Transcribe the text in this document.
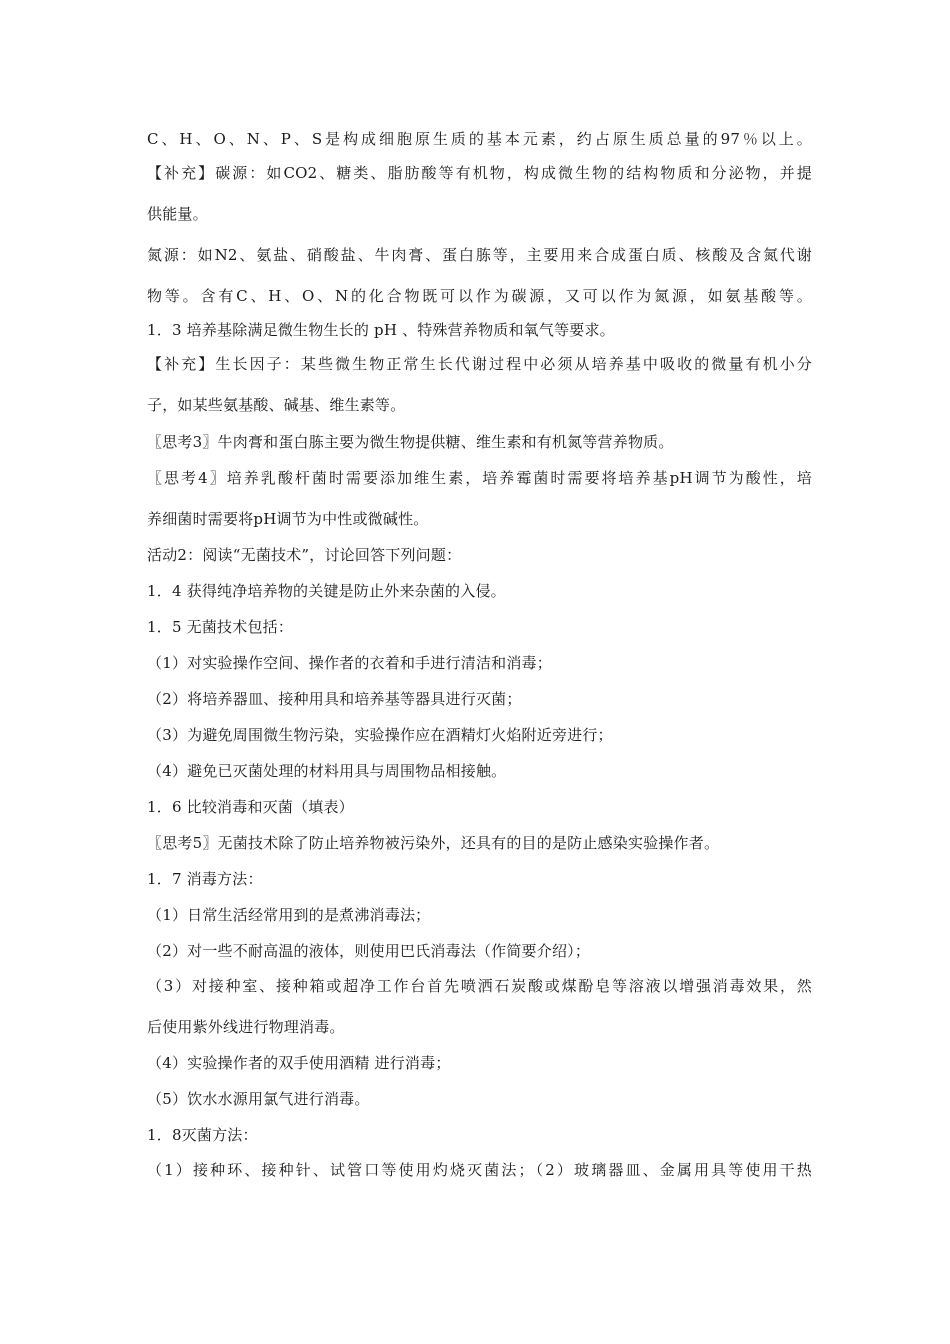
C、H、O、N、P、S是构成细胞原生质的基本元素，约占原生质总量的97％以上。
【补充】碳源：如CO2、糖类、脂肪酸等有机物，构成微生物的结构物质和分泌物，并提
供能量。
氮源：如N2、氨盐、硝酸盐、牛肉膏、蛋白胨等，主要用来合成蛋白质、核酸及含氮代谢
物等。含有C、H、O、N的化合物既可以作为碳源，又可以作为氮源，如氨基酸等。
1．3 培养基除满足微生物生长的 pH 、特殊营养物质和氧气等要求。
【补充】生长因子：某些微生物正常生长代谢过程中必须从培养基中吸收的微量有机小分
子，如某些氨基酸、碱基、维生素等。
〖思考3〗牛肉膏和蛋白胨主要为微生物提供糖、维生素和有机氮等营养物质。
〖思考4〗培养乳酸杆菌时需要添加维生素，培养霉菌时需要将培养基pH调节为酸性，培
养细菌时需要将pH调节为中性或微碱性。
活动2：阅读“无菌技术”，讨论回答下列问题：
1．4 获得纯净培养物的关键是防止外来杂菌的入侵。
1．5 无菌技术包括：
（1）对实验操作空间、操作者的衣着和手进行清洁和消毒；
（2）将培养器皿、接种用具和培养基等器具进行灭菌；
（3）为避免周围微生物污染，实验操作应在酒精灯火焰附近旁进行；
（4）避免已灭菌处理的材料用具与周围物品相接触。
1．6 比较消毒和灭菌（填表）
〖思考5〗无菌技术除了防止培养物被污染外，还具有的目的是防止感染实验操作者。
1．7 消毒方法：
（1）日常生活经常用到的是煮沸消毒法；
（2）对一些不耐高温的液体，则使用巴氏消毒法（作简要介绍）；
（3）对接种室、接种箱或超净工作台首先喷洒石炭酸或煤酚皂等溶液以增强消毒效果，然
后使用紫外线进行物理消毒。
（4）实验操作者的双手使用酒精 进行消毒；
（5）饮水水源用氯气进行消毒。
1．8灭菌方法：
（1）接种环、接种针、试管口等使用灼烧灭菌法；（2）玻璃器皿、金属用具等使用干热
